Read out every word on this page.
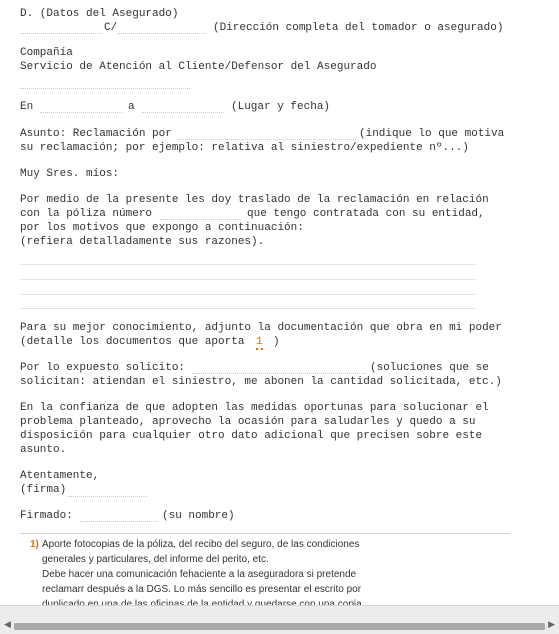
D. (Datos del Asegurado)
C/	(Dirección completa del tomador o asegurado)
Compañía
Servicio de Atención al Cliente/Defensor del Asegurado
En	a	(Lugar y fecha)
Asunto: Reclamación por	(indique lo que motiva
su reclamación; por ejemplo: relativa al siniestro/expediente nº...)
Muy Sres. míos:
Por medio de la presente les doy traslado de la reclamación en relación
con la póliza número	que tengo contratada con su entidad,
por los motivos que expongo a continuación:
(refiera detalladamente sus razones).
Para su mejor conocimiento, adjunto la documentación que obra en mi poder
(detalle los documentos que aporta 1 )
Por lo expuesto solicito:	(soluciones que se
solicitan: atiendan el siniestro, me abonen la cantidad solicitada, etc.)
En la confianza de que adopten las medidas oportunas para solucionar el
problema planteado, aprovecho la ocasión para saludarles y quedo a su
disposición para cualquier otro dato adicional que precisen sobre este
asunto.
Atentamente,
(firma)
Firmado:	(su nombre)
1) Aporte fotocopias de la póliza, del recibo del seguro, de las condiciones
generales y particulares, del informe del perito, etc.
Debe hacer una comunicación fehaciente a la aseguradora si pretende
reclamarr después a la DGS. Lo más sencillo es presentar el escrito por
◀	▶
